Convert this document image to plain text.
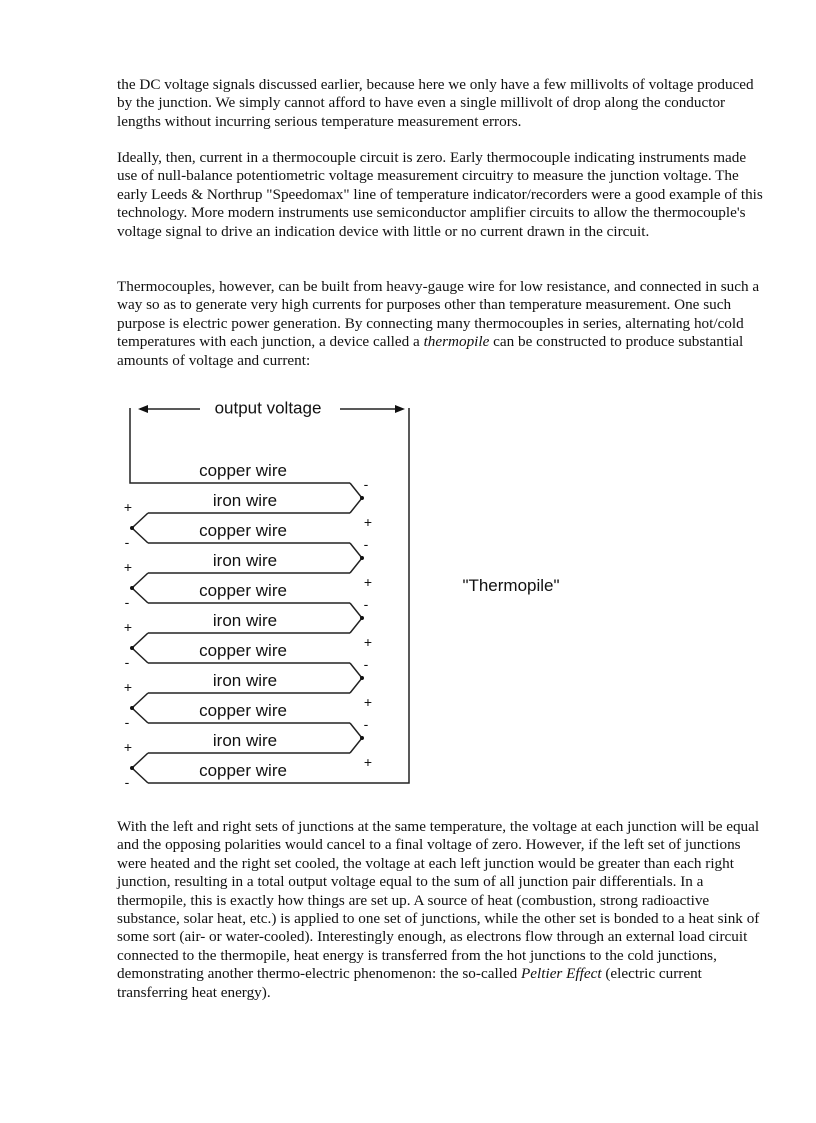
the DC voltage signals discussed earlier, because here we only have a few millivolts of voltage produced by the junction. We simply cannot afford to have even a single millivolt of drop along the conductor lengths without incurring serious temperature measurement errors.

Ideally, then, current in a thermocouple circuit is zero. Early thermocouple indicating instruments made use of null-balance potentiometric voltage measurement circuitry to measure the junction voltage. The early Leeds & Northrup "Speedomax" line of temperature indicator/recorders were a good example of this technology. More modern instruments use semiconductor amplifier circuits to allow the thermocouple's voltage signal to drive an indication device with little or no current drawn in the circuit.

Thermocouples, however, can be built from heavy-gauge wire for low resistance, and connected in such a way so as to generate very high currents for purposes other than temperature measurement. One such purpose is electric power generation. By connecting many thermocouples in series, alternating hot/cold temperatures with each junction, a device called a thermopile can be constructed to produce substantial amounts of voltage and current:

output voltage
"Thermopile"
copper wire
iron wire
copper wire
iron wire
copper wire
iron wire
copper wire
iron wire
copper wire
iron wire
copper wire
-
+
-
+
-
+
-
+
-
+
+
-
+
-
+
-
+
-
+
-

With the left and right sets of junctions at the same temperature, the voltage at each junction will be equal and the opposing polarities would cancel to a final voltage of zero. However, if the left set of junctions were heated and the right set cooled, the voltage at each left junction would be greater than each right junction, resulting in a total output voltage equal to the sum of all junction pair differentials. In a thermopile, this is exactly how things are set up. A source of heat (combustion, strong radioactive substance, solar heat, etc.) is applied to one set of junctions, while the other set is bonded to a heat sink of some sort (air- or water-cooled). Interestingly enough, as electrons flow through an external load circuit connected to the thermopile, heat energy is transferred from the hot junctions to the cold junctions, demonstrating another thermo-electric phenomenon: the so-called Peltier Effect (electric current transferring heat energy).
